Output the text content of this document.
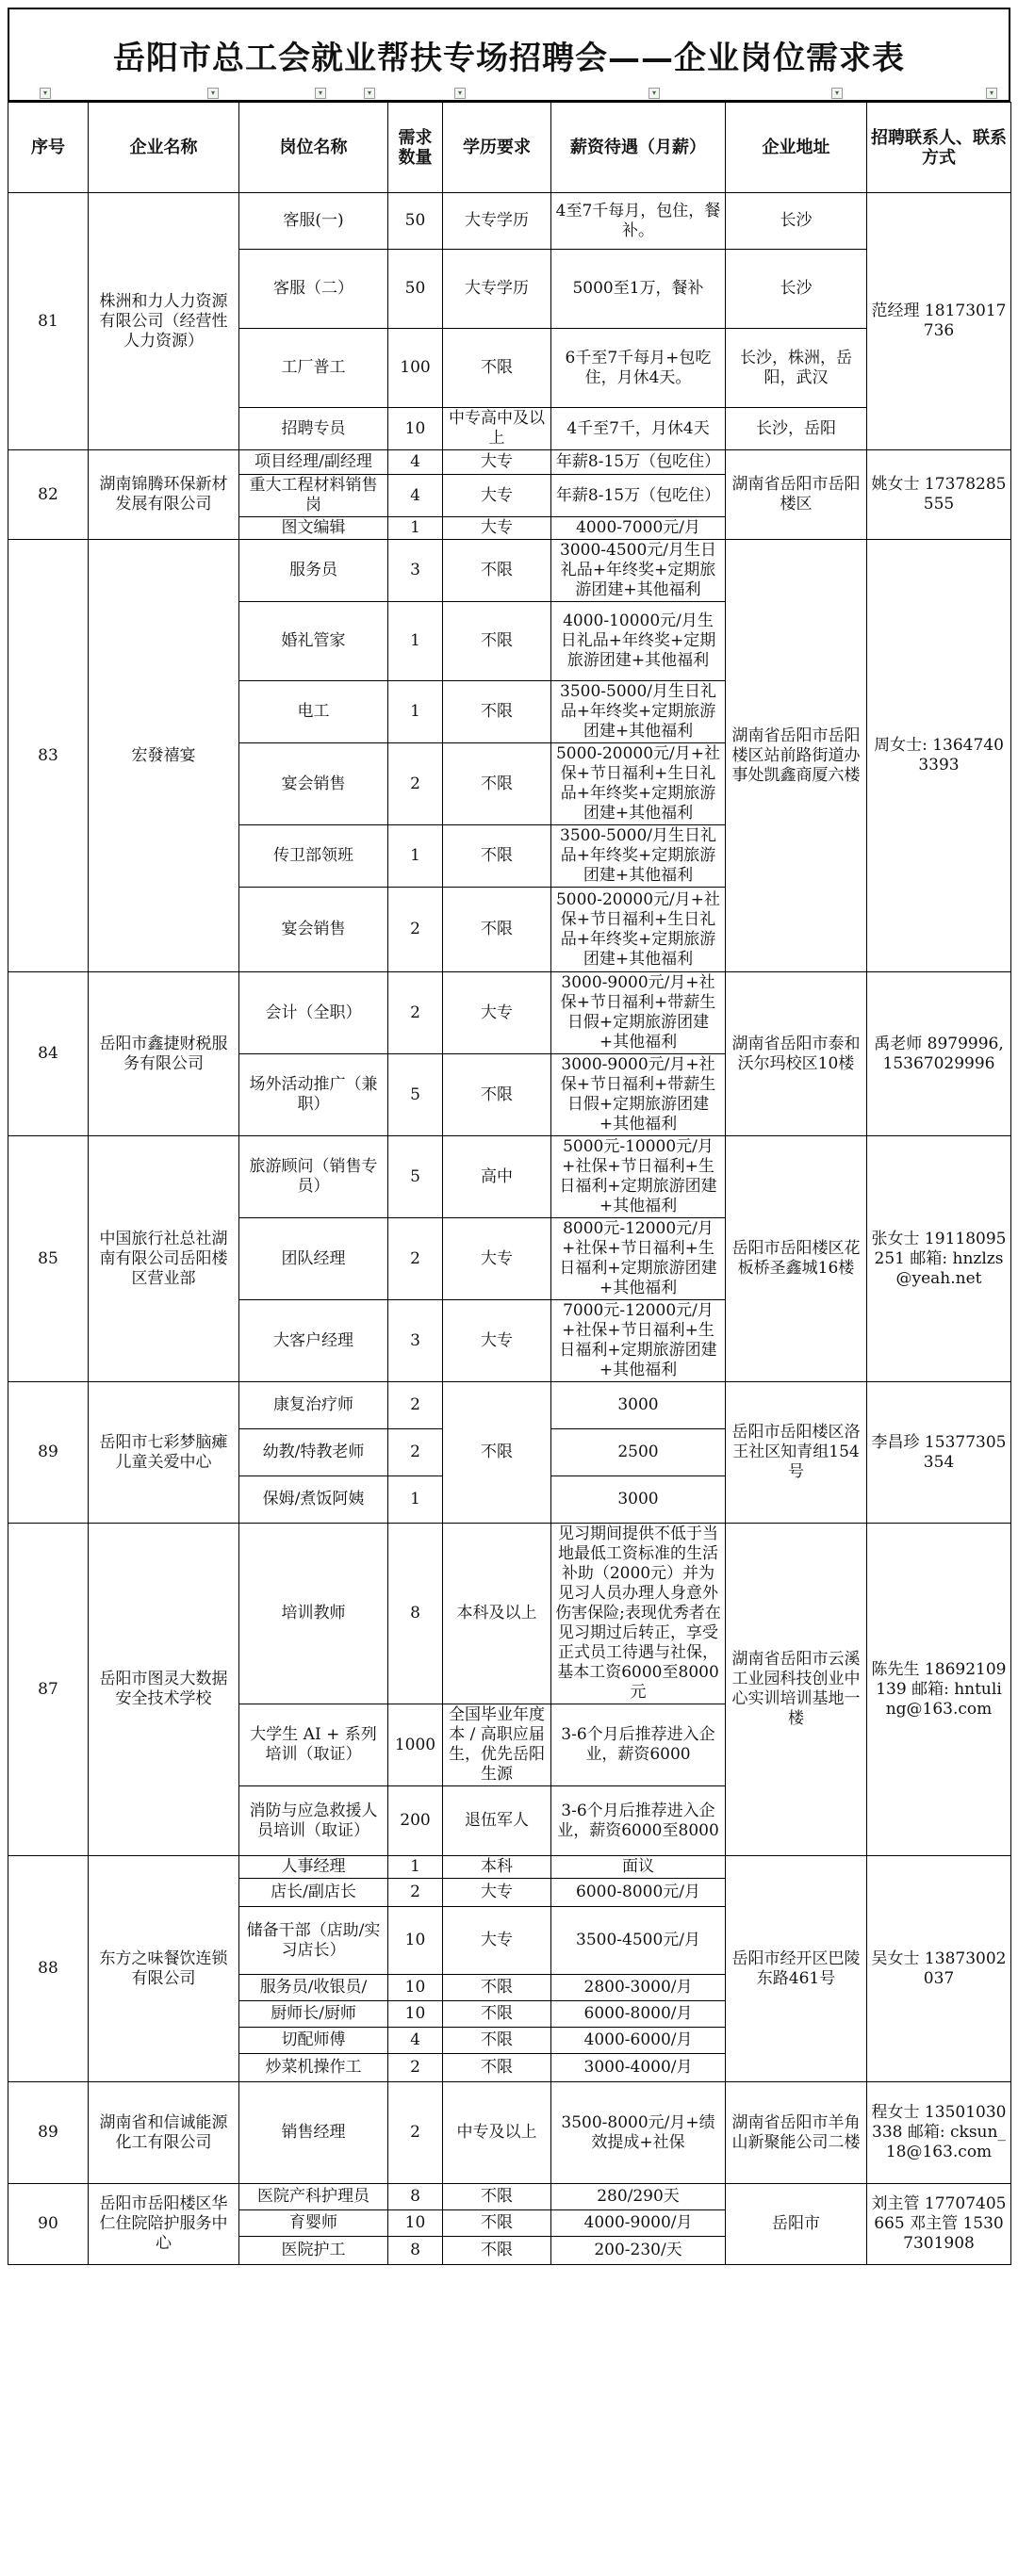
岳阳市总工会就业帮扶专场招聘会——企业岗位需求表
▾	▾	▾	▾	▾	▾	▾	▾
序号	企业名称	岗位名称	需求数量	学历要求	薪资待遇（月薪）	企业地址	招聘联系人、联系方式
81	株洲和力人力资源有限公司（经营性人力资源）	客服(一)	50	大专学历	4至7千每月，包住，餐补。	长沙	范经理 18173017736
		客服（二）	50	大专学历	5000至1万，餐补	长沙	
		工厂普工	100	不限	6千至7千每月+包吃住，月休4天。	长沙，株洲，岳阳，武汉	
		招聘专员	10	中专高中及以上	4千至7千，月休4天	长沙，岳阳	
82	湖南锦腾环保新材发展有限公司	项目经理/副经理	4	大专	年薪8-15万（包吃住）	湖南省岳阳市岳阳楼区	姚女士 17378285555
		重大工程材料销售岗	4	大专	年薪8-15万（包吃住）		
		图文编辑	1	大专	4000-7000元/月		
83	宏發禧宴	服务员	3	不限	3000-4500元/月生日礼品+年终奖+定期旅游团建+其他福利	湖南省岳阳市岳阳楼区站前路街道办事处凯鑫商厦六楼	周女士: 13647403393
		婚礼管家	1	不限	4000-10000元/月生日礼品+年终奖+定期旅游团建+其他福利		
		电工	1	不限	3500-5000/月生日礼品+年终奖+定期旅游团建+其他福利		
		宴会销售	2	不限	5000-20000元/月+社保+节日福利+生日礼品+年终奖+定期旅游团建+其他福利		
		传卫部领班	1	不限	3500-5000/月生日礼品+年终奖+定期旅游团建+其他福利		
		宴会销售	2	不限	5000-20000元/月+社保+节日福利+生日礼品+年终奖+定期旅游团建+其他福利		
84	岳阳市鑫捷财税服务有限公司	会计（全职）	2	大专	3000-9000元/月+社保+节日福利+带薪生日假+定期旅游团建+其他福利	湖南省岳阳市泰和沃尔玛校区10楼	禹老师 8979996, 15367029996
		场外活动推广（兼职）	5	不限	3000-9000元/月+社保+节日福利+带薪生日假+定期旅游团建+其他福利		
85	中国旅行社总社湖南有限公司岳阳楼区营业部	旅游顾问（销售专员）	5	高中	5000元-10000元/月+社保+节日福利+生日福利+定期旅游团建+其他福利	岳阳市岳阳楼区花板桥圣鑫城16楼	张女士 19118095251 邮箱: hnzlzs@yeah.net
		团队经理	2	大专	8000元-12000元/月+社保+节日福利+生日福利+定期旅游团建+其他福利		
		大客户经理	3	大专	7000元-12000元/月+社保+节日福利+生日福利+定期旅游团建+其他福利		
89	岳阳市七彩梦脑瘫儿童关爱中心	康复治疗师	2	不限	3000	岳阳市岳阳楼区洛王社区知青组154号	李昌珍 15377305354
		幼教/特教老师	2		2500		
		保姆/煮饭阿姨	1		3000		
87	岳阳市图灵大数据安全技术学校	培训教师	8	本科及以上	见习期间提供不低于当地最低工资标准的生活补助（2000元）并为见习人员办理人身意外伤害保险;表现优秀者在见习期过后转正，享受正式员工待遇与社保，基本工资6000至8000元	湖南省岳阳市云溪工业园科技创业中心实训培训基地一楼	陈先生 18692109139 邮箱: hntuling@163.com
		大学生 AI + 系列培训（取证）	1000	全国毕业年度本 / 高职应届生，优先岳阳生源	3-6个月后推荐进入企业，薪资6000		
		消防与应急救援人员培训（取证）	200	退伍军人	3-6个月后推荐进入企业，薪资6000至8000		
88	东方之味餐饮连锁有限公司	人事经理	1	本科	面议	岳阳市经开区巴陵东路461号	吴女士 13873002037
		店长/副店长	2	大专	6000-8000元/月		
		储备干部（店助/实习店长）	10	大专	3500-4500元/月		
		服务员/收银员/	10	不限	2800-3000/月		
		厨师长/厨师	10	不限	6000-8000/月		
		切配师傅	4	不限	4000-6000/月		
		炒菜机操作工	2	不限	3000-4000/月		
89	湖南省和信诚能源化工有限公司	销售经理	2	中专及以上	3500-8000元/月+绩效提成+社保	湖南省岳阳市羊角山新聚能公司二楼	程女士 13501030338 邮箱: cksun_18@163.com
90	岳阳市岳阳楼区华仁住院陪护服务中心	医院产科护理员	8	不限	280/290天	岳阳市	刘主管 17707405665 邓主管 15307301908
		育婴师	10	不限	4000-9000/月		
		医院护工	8	不限	200-230/天		
